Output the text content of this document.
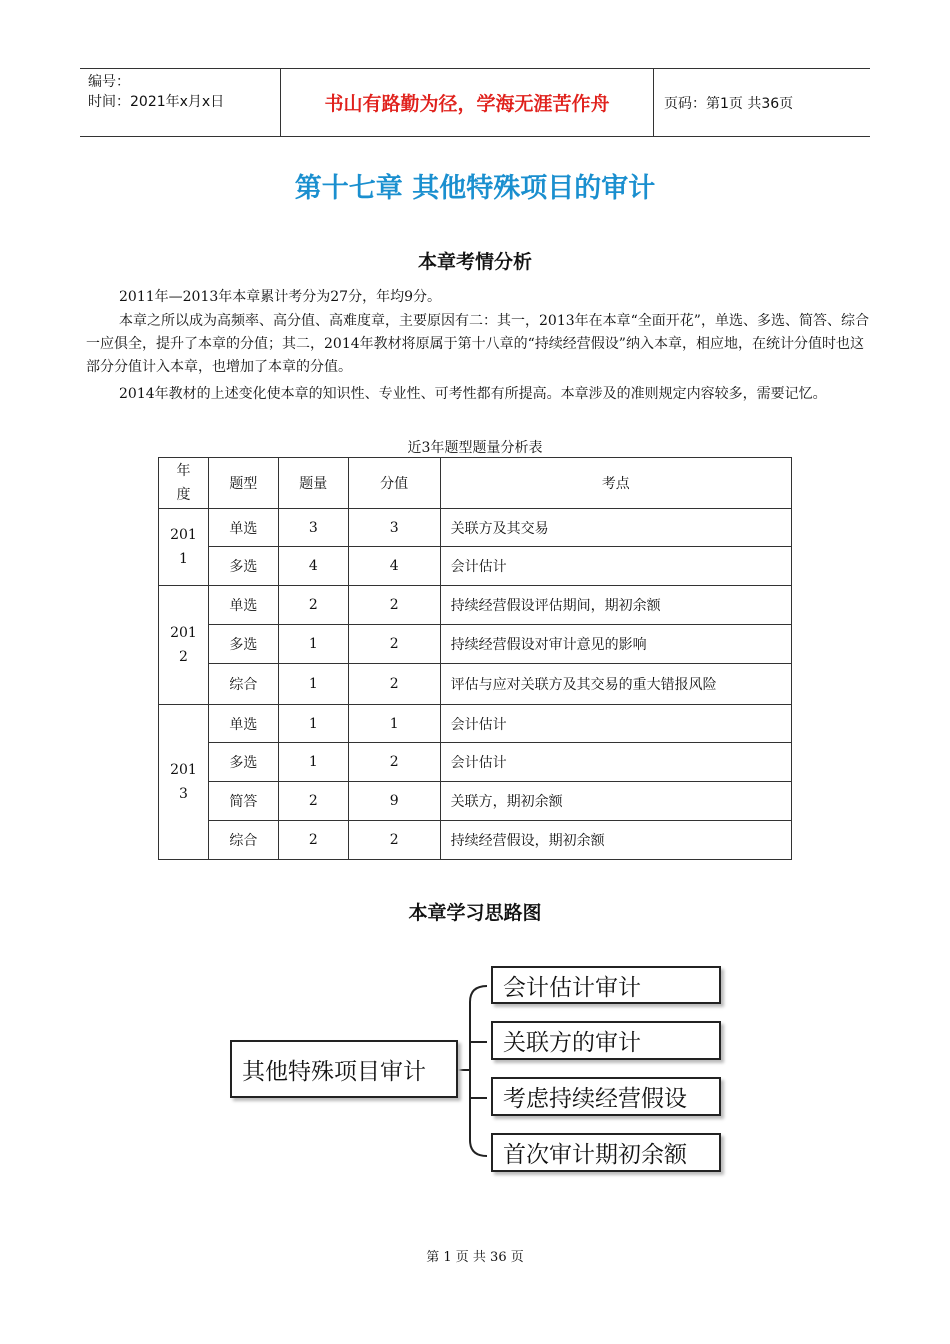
编号：
时间：2021年x月x日	书山有路勤为径，学海无涯苦作舟	页码：第1页 共36页
第十七章 其他特殊项目的审计
本章考情分析
2011年—2013年本章累计考分为27分，年均9分。
本章之所以成为高频率、高分值、高难度章，主要原因有二：其一，2013年在本章“全面开花”，单选、多选、简答、综合一应俱全，提升了本章的分值；其二，2014年教材将原属于第十八章的“持续经营假设”纳入本章，相应地，在统计分值时也这部分分值计入本章，也增加了本章的分值。
2014年教材的上述变化使本章的知识性、专业性、可考性都有所提高。本章涉及的准则规定内容较多，需要记忆。
近3年题型题量分析表
年
度	题型	题量	分值	考点
201
1	单选	3	3	关联方及其交易
	多选	4	4	会计估计
201
2	单选	2	2	持续经营假设评估期间，期初余额
	多选	1	2	持续经营假设对审计意见的影响
	综合	1	2	评估与应对关联方及其交易的重大错报风险
201
3	单选	1	1	会计估计
	多选	1	2	会计估计
	简答	2	9	关联方，期初余额
	综合	2	2	持续经营假设，期初余额
本章学习思路图
其他特殊项目审计
会计估计审计
关联方的审计
考虑持续经营假设
首次审计期初余额
第 1 页 共 36 页
